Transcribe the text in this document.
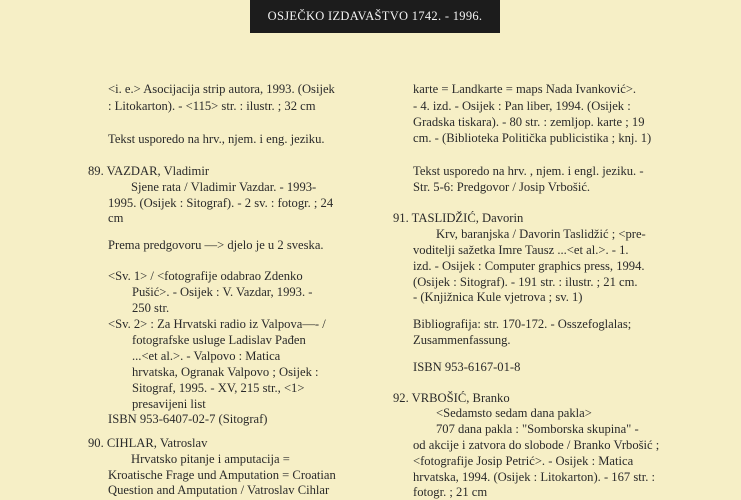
OSJEČKO IZDAVAŠTVO 1742. - 1996.
<i. e.> Asocijacija strip autora, 1993. (Osijek
: Litokarton). - <115> str. : ilustr. ; 32 cm
Tekst usporedo na hrv., njem. i eng. jeziku.
89. VAZDAR, Vladimir
Sjene rata / Vladimir Vazdar. - 1993-
1995. (Osijek : Sitograf). - 2 sv. : fotogr. ; 24
cm
Prema predgovoru —> djelo je u 2 sveska.
<Sv. 1> / <fotografije odabrao Zdenko
Pušić>. - Osijek : V. Vazdar, 1993. -
250 str.
<Sv. 2> : Za Hrvatski radio iz Valpova—- /
fotografske usluge Ladislav Pađen
...<et al.>. - Valpovo : Matica
hrvatska, Ogranak Valpovo ; Osijek :
Sitograf, 1995. - XV, 215 str., <1>
presavijeni list
ISBN 953-6407-02-7 (Sitograf)
90. CIHLAR, Vatroslav
Hrvatsko pitanje i amputacija =
Kroatische Frage und Amputation = Croatian
Question and Amputation / Vatroslav Cihlar
karte = Landkarte = maps Nada Ivanković>.
- 4. izd. - Osijek : Pan liber, 1994. (Osijek :
Gradska tiskara). - 80 str. : zemljop. karte ; 19
cm. - (Biblioteka Politička publicistika ; knj. 1)
Tekst usporedo na hrv. , njem. i engl. jeziku. -
Str. 5-6: Predgovor / Josip Vrbošić.
91. TASLIDŽIĆ, Davorin
Krv, baranjska / Davorin Taslidžić ; <pre-
voditelji sažetka Imre Tausz ...<et al.>. - 1.
izd. - Osijek : Computer graphics press, 1994.
(Osijek : Sitograf). - 191 str. : ilustr. ; 21 cm.
- (Knjižnica Kule vjetrova ; sv. 1)
Bibliografija: str. 170-172. - Osszefoglalas;
Zusammenfassung.
ISBN 953-6167-01-8
92. VRBOŠIĆ, Branko
<Sedamsto sedam dana pakla>
707 dana pakla : "Somborska skupina" -
od akcije i zatvora do slobode / Branko Vrbošić ;
<fotografije Josip Petrić>. - Osijek : Matica
hrvatska, 1994. (Osijek : Litokarton). - 167 str. :
fotogr. ; 21 cm
